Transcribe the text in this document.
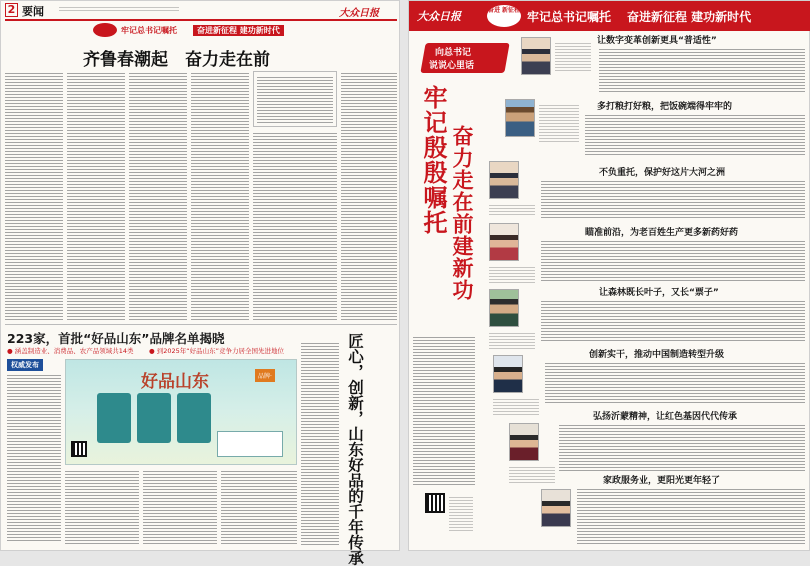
2 要闻	大众日报
牢记总书记嘱托	奋进新征程 建功新时代
齐鲁春潮起　奋力走在前
223家，首批“好品山东”品牌名单揭晓
● 涵盖制造业、消费品、农产品领域共14类 ● 到2025年“好品山东”竞争力居全国先进地位
权威发布
好品山东	品牌·	匠心，创新，山东好品的千年传承
大众日报	奋进 新征程 牢记总书记嘱托 奋进新征程 建功新时代
向总书记
说说心里话
牢记殷殷嘱托 奋力走在前建新功
让数字变革创新更具“普适性”
多打粮打好粮，把饭碗端得牢牢的
不负重托，保护好这片大河之洲
瞄准前沿，为老百姓生产更多新药好药
让森林既长叶子，又长“票子”
创新实干，推动中国制造转型升级
弘扬沂蒙精神，让红色基因代代传承
家政服务业，更阳光更年轻了
